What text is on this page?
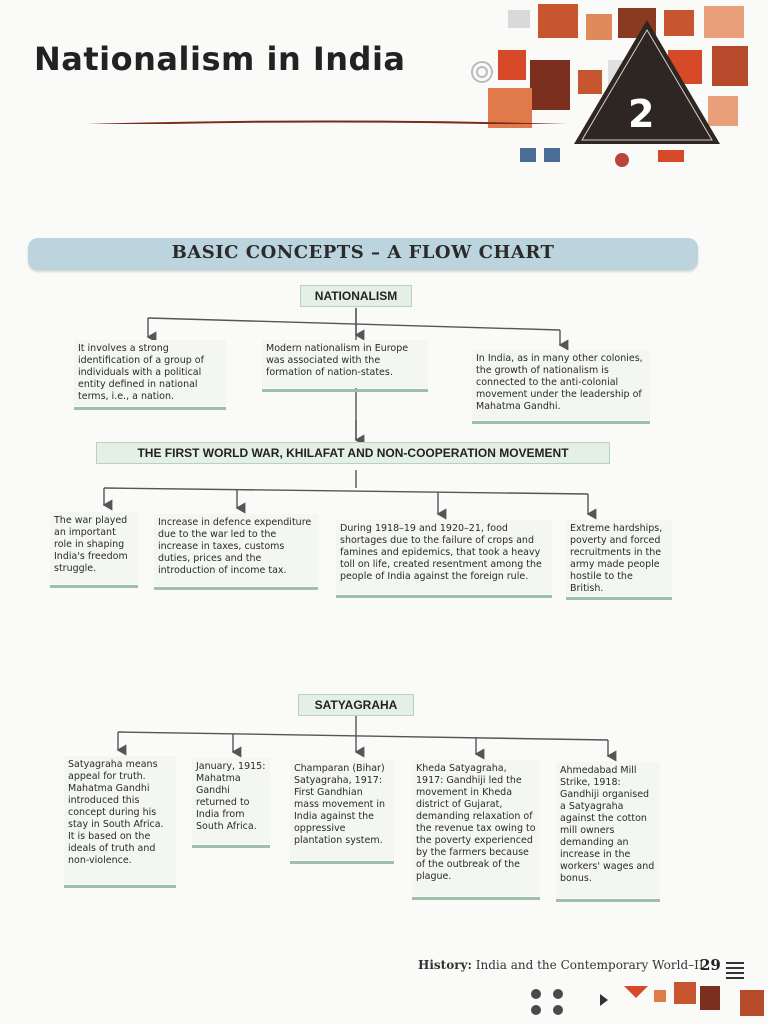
2
Nationalism in India
BASIC CONCEPTS – A FLOW CHART
NATIONALISM
It involves a strong identification of a group of individuals with a political entity defined in national terms, i.e., a nation.
Modern nationalism in Europe was associated with the formation of nation-states.
In India, as in many other colonies, the growth of nationalism is connected to the anti-colonial movement under the leadership of Mahatma Gandhi.
THE FIRST WORLD WAR, KHILAFAT AND NON-COOPERATION MOVEMENT
The war played an important role in shaping India's freedom struggle.
Increase in defence expenditure due to the war led to the increase in taxes, customs duties, prices and the introduction of income tax.
During 1918–19 and 1920–21, food shortages due to the failure of crops and famines and epidemics, that took a heavy toll on life, created resentment among the people of India against the foreign rule.
Extreme hardships, poverty and forced recruitments in the army made people hostile to the British.
SATYAGRAHA
Satyagraha means appeal for truth. Mahatma Gandhi introduced this concept during his stay in South Africa. It is based on the ideals of truth and non-violence.
January, 1915: Mahatma Gandhi returned to India from South Africa.
Champaran (Bihar) Satyagraha, 1917: First Gandhian mass movement in India against the oppressive plantation system.
Kheda Satyagraha, 1917: Gandhiji led the movement in Kheda district of Gujarat, demanding relaxation of the revenue tax owing to the poverty experienced by the farmers because of the outbreak of the plague.
Ahmedabad Mill Strike, 1918: Gandhiji organised a Satyagraha against the cotton mill owners demanding an increase in the workers' wages and bonus.
History: India and the Contemporary World–II
29
